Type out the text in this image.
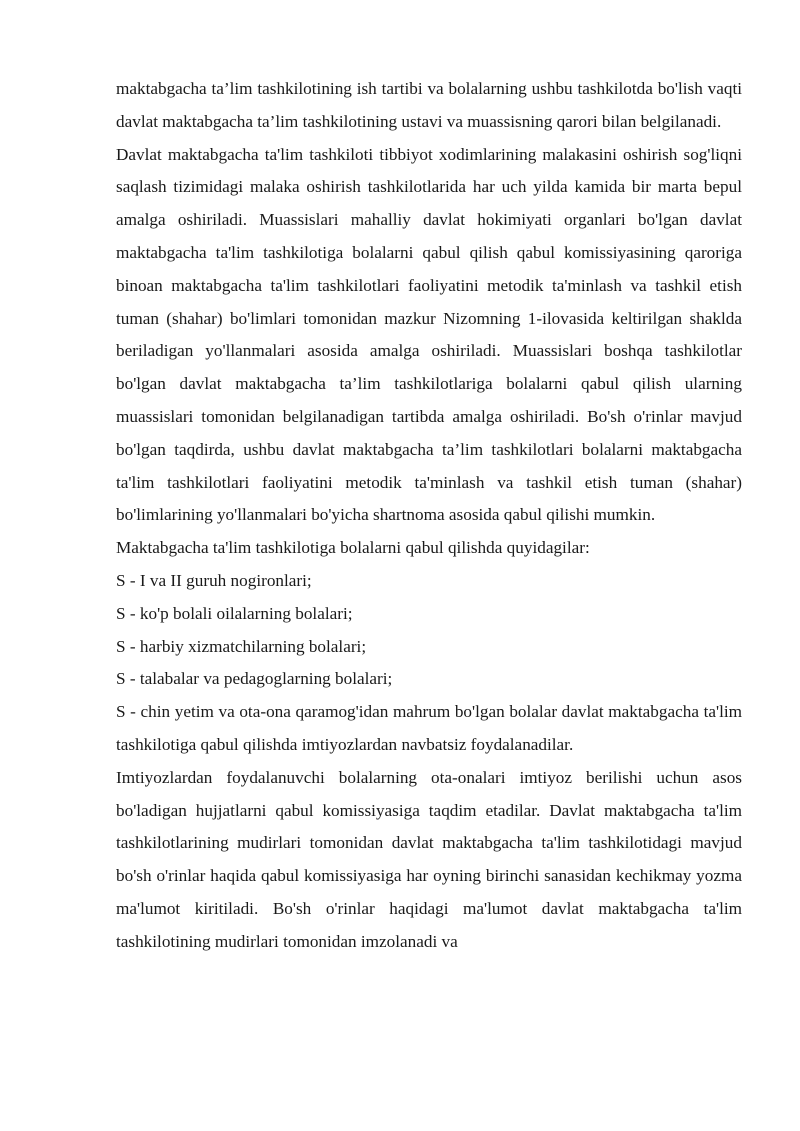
maktabgacha ta’lim tashkilotining ish tartibi va bolalarning ushbu tashkilotda bo'lish vaqti davlat maktabgacha ta’lim tashkilotining ustavi va muassisning qarori bilan belgilanadi.

Davlat maktabgacha ta'lim tashkiloti tibbiyot xodimlarining malakasini oshirish sog'liqni saqlash tizimidagi malaka oshirish tashkilotlarida har uch yilda kamida bir marta bepul amalga oshiriladi. Muassislari mahalliy davlat hokimiyati organlari bo'lgan davlat maktabgacha ta'lim tashkilotiga bolalarni qabul qilish qabul komissiyasining qaroriga binoan maktabgacha ta'lim tashkilotlari faoliyatini metodik ta'minlash va tashkil etish tuman (shahar) bo'limlari tomonidan mazkur Nizomning 1-ilovasida keltirilgan shaklda beriladigan yo'llanmalari asosida amalga oshiriladi. Muassislari boshqa tashkilotlar bo'lgan davlat maktabgacha ta’lim tashkilotlariga bolalarni qabul qilish ularning muassislari tomonidan belgilanadigan tartibda amalga oshiriladi. Bo'sh o'rinlar mavjud bo'lgan taqdirda, ushbu davlat maktabgacha ta’lim tashkilotlari bolalarni maktabgacha ta'lim tashkilotlari faoliyatini metodik ta'minlash va tashkil etish tuman (shahar) bo'limlarining yo'llanmalari bo'yicha shartnoma asosida qabul qilishi mumkin.

Maktabgacha ta'lim tashkilotiga bolalarni qabul qilishda quyidagilar:

S - I va II guruh nogironlari;

S - ko'p bolali oilalarning bolalari;

S - harbiy xizmatchilarning bolalari;

S - talabalar va pedagoglarning bolalari;

S - chin yetim va ota-ona qaramog'idan mahrum bo'lgan bolalar davlat maktabgacha ta'lim tashkilotiga qabul qilishda imtiyozlardan navbatsiz foydalanadilar.

Imtiyozlardan foydalanuvchi bolalarning ota-onalari imtiyoz berilishi uchun asos bo'ladigan hujjatlarni qabul komissiyasiga taqdim etadilar. Davlat maktabgacha ta'lim tashkilotlarining mudirlari tomonidan davlat maktabgacha ta'lim tashkilotidagi mavjud bo'sh o'rinlar haqida qabul komissiyasiga har oyning birinchi sanasidan kechikmay yozma ma'lumot kiritiladi. Bo'sh o'rinlar haqidagi ma'lumot davlat maktabgacha ta'lim tashkilotining mudirlari tomonidan imzolanadi va
